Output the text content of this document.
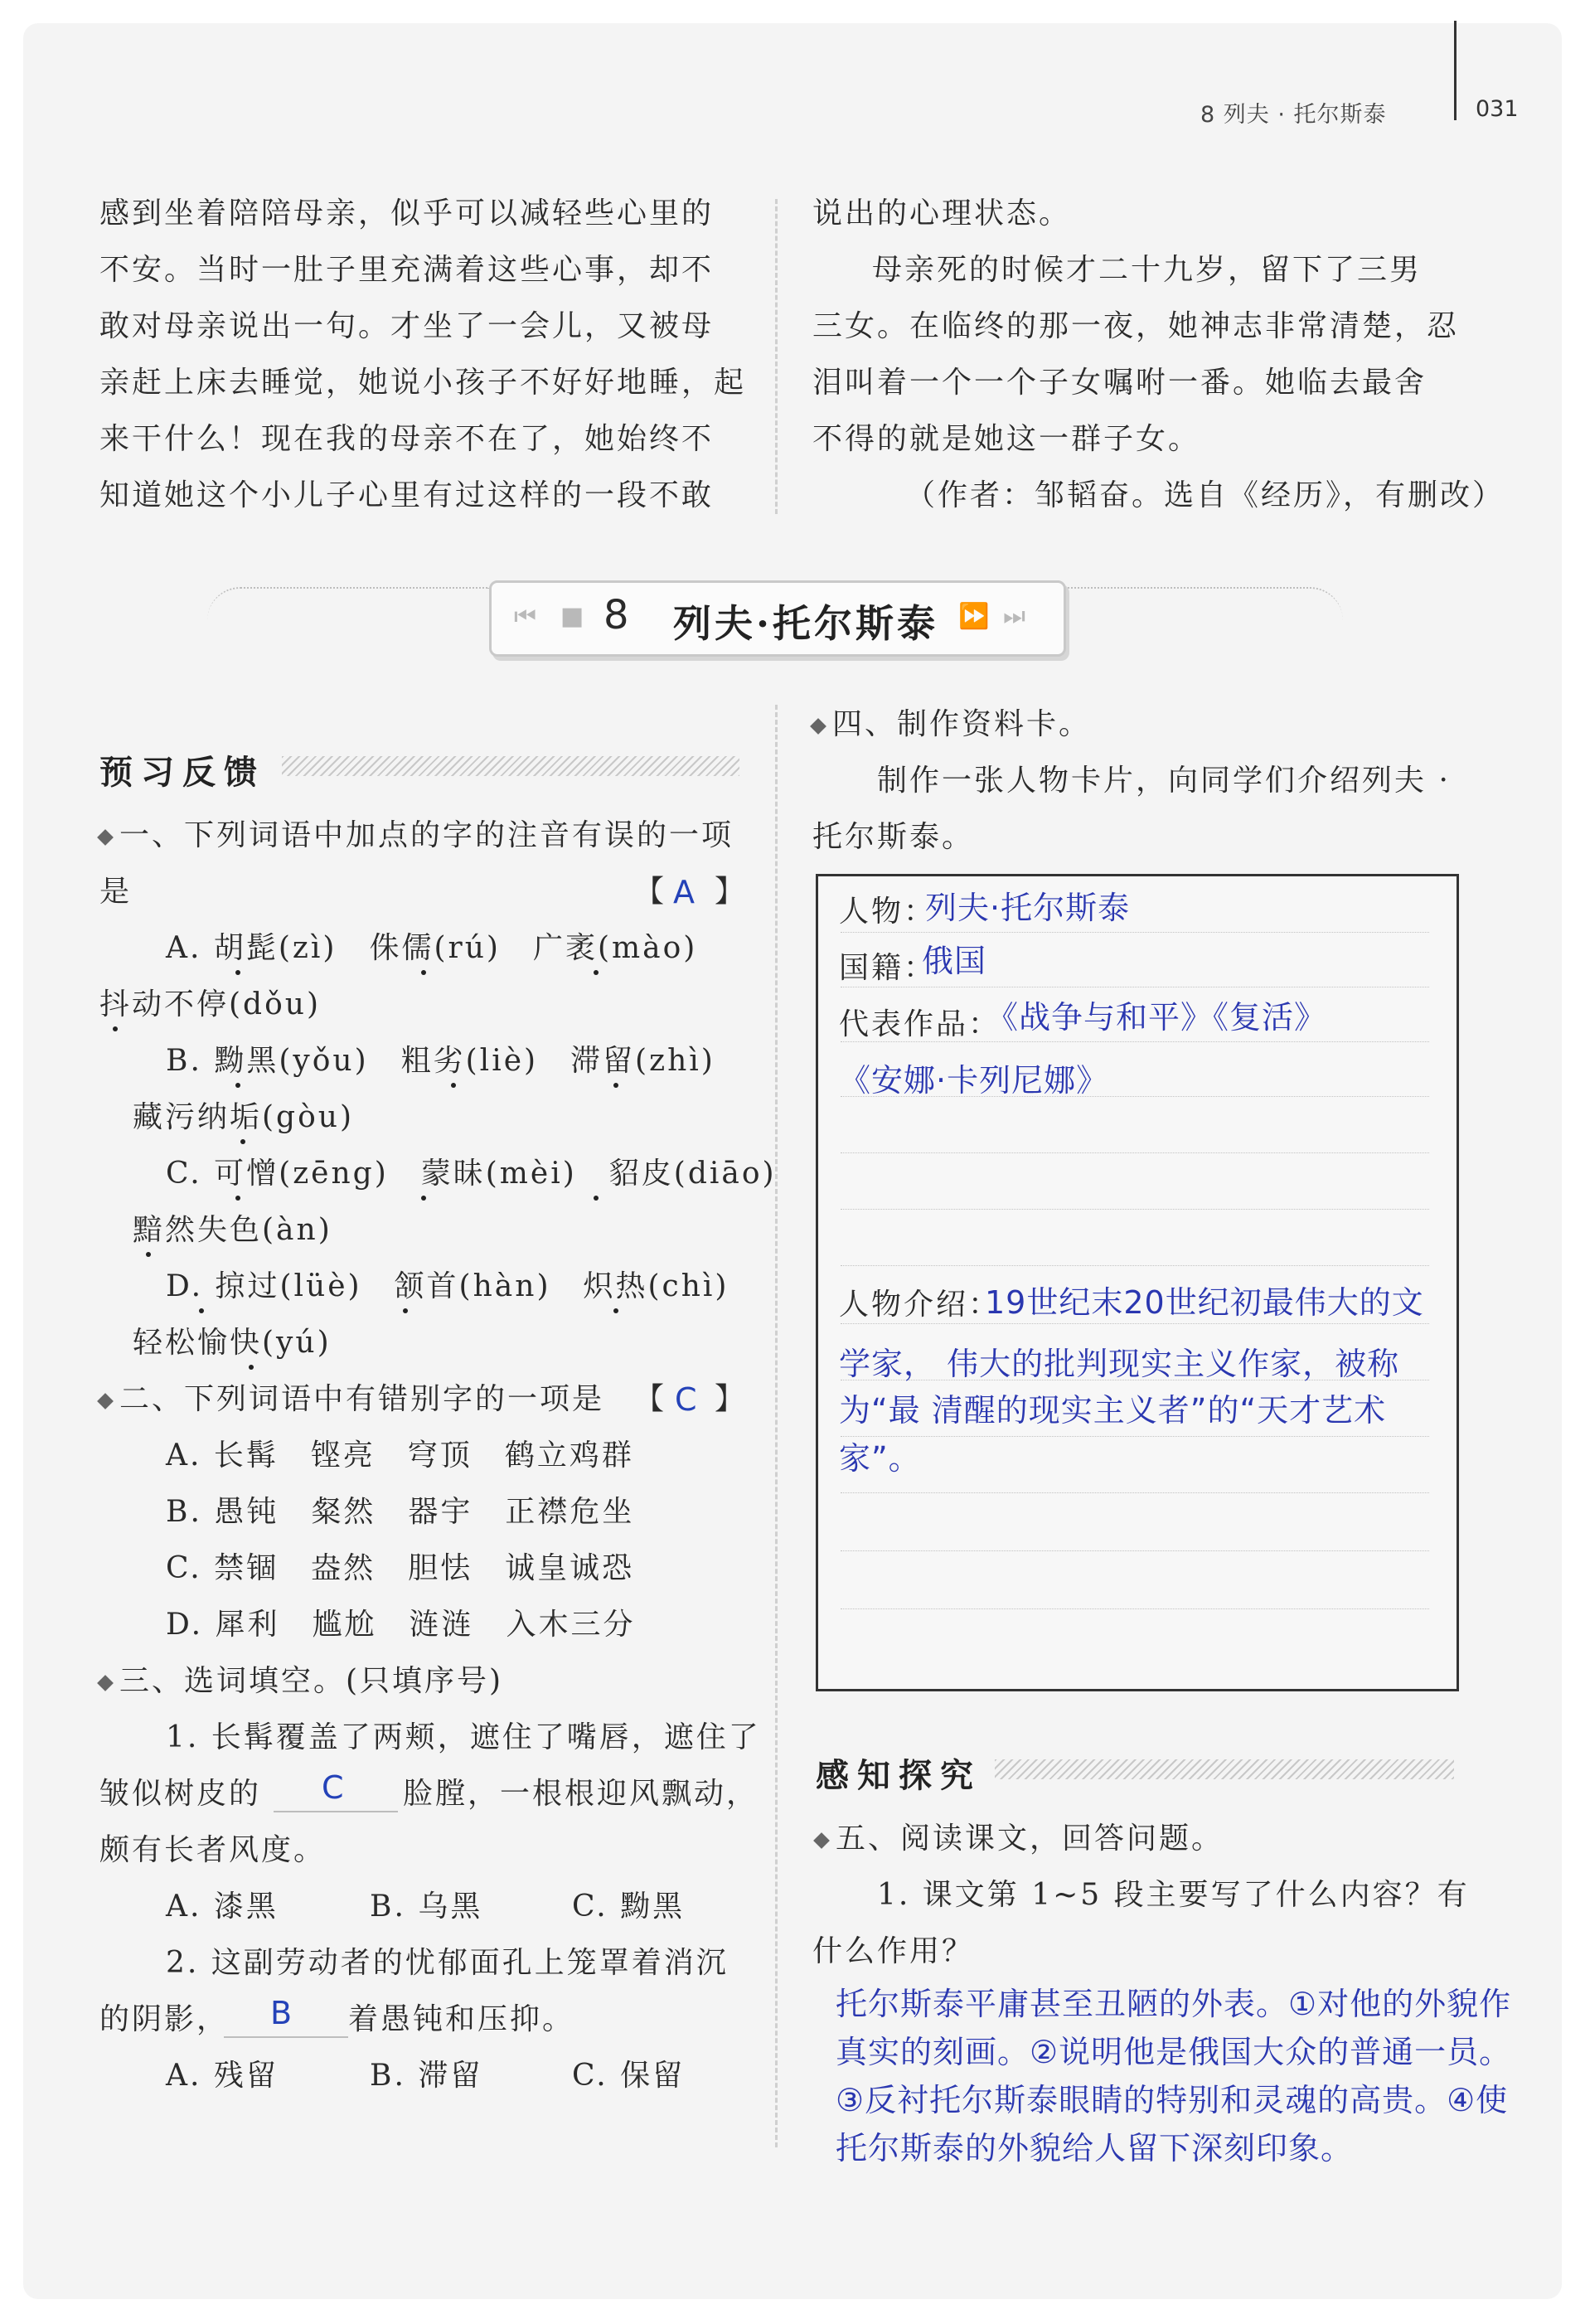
8 列夫 · 托尔斯泰	031
感到坐着陪陪母亲，似乎可以减轻些心里的
不安。当时一肚子里充满着这些心事，却不
敢对母亲说出一句。才坐了一会儿，又被母
亲赶上床去睡觉，她说小孩子不好好地睡，起
来干什么！现在我的母亲不在了，她始终不
知道她这个小儿子心里有过这样的一段不敢
说出的心理状态。
母亲死的时候才二十九岁，留下了三男
三女。在临终的那一夜，她神志非常清楚，忍
泪叫着一个一个子女嘱咐一番。她临去最舍
不得的就是她这一群子女。
（作者：邹韬奋。选自《经历》，有删改）
⏮ ■ 8 列夫·托尔斯泰 ⏩ ⏭
预习反馈
一、下列词语中加点的字的注音有误的一项
是	【 A 】
A. 胡髭(zì)　侏儒(rú)　广袤(mào)
抖动不停(dǒu)
B. 黝黑(yǒu)　粗劣(liè)　滞留(zhì)
藏污纳垢(gòu)
C. 可憎(zēng)　蒙昧(mèi)　貂皮(diāo)
黯然失色(àn)
D. 掠过(lüè)　颔首(hàn)　炽热(chì)
轻松愉快(yú)
二、下列词语中有错别字的一项是 【 C 】
A. 长髯　铿亮　穹顶　鹤立鸡群
B. 愚钝　粲然　器宇　正襟危坐
C. 禁锢　盎然　胆怯　诚皇诚恐
D. 犀利　尴尬　涟涟　入木三分
三、选词填空。(只填序号)
1. 长髯覆盖了两颊，遮住了嘴唇，遮住了
皱似树皮的 C 脸膛，一根根迎风飘动，
颇有长者风度。
A. 漆黑	B. 乌黑	C. 黝黑
2. 这副劳动者的忧郁面孔上笼罩着消沉
的阴影， B 着愚钝和压抑。
A. 残留	B. 滞留	C. 保留
四、制作资料卡。
制作一张人物卡片，向同学们介绍列夫 ·
托尔斯泰。
人物：
列夫·托尔斯泰
国籍：
俄国
代表作品：
《战争与和平》《复活》
《安娜·卡列尼娜》
人物介绍：
19世纪末20世纪初最伟大的文
学家， 伟大的批判现实主义作家，被称
为“最 清醒的现实主义者”的“天才艺术
家”。
感知探究
五、阅读课文，回答问题。
1. 课文第 1~5 段主要写了什么内容？有
什么作用？
托尔斯泰平庸甚至丑陋的外表。①对他的外貌作
真实的刻画。②说明他是俄国大众的普通一员。
③反衬托尔斯泰眼睛的特别和灵魂的高贵。④使
托尔斯泰的外貌给人留下深刻印象。
